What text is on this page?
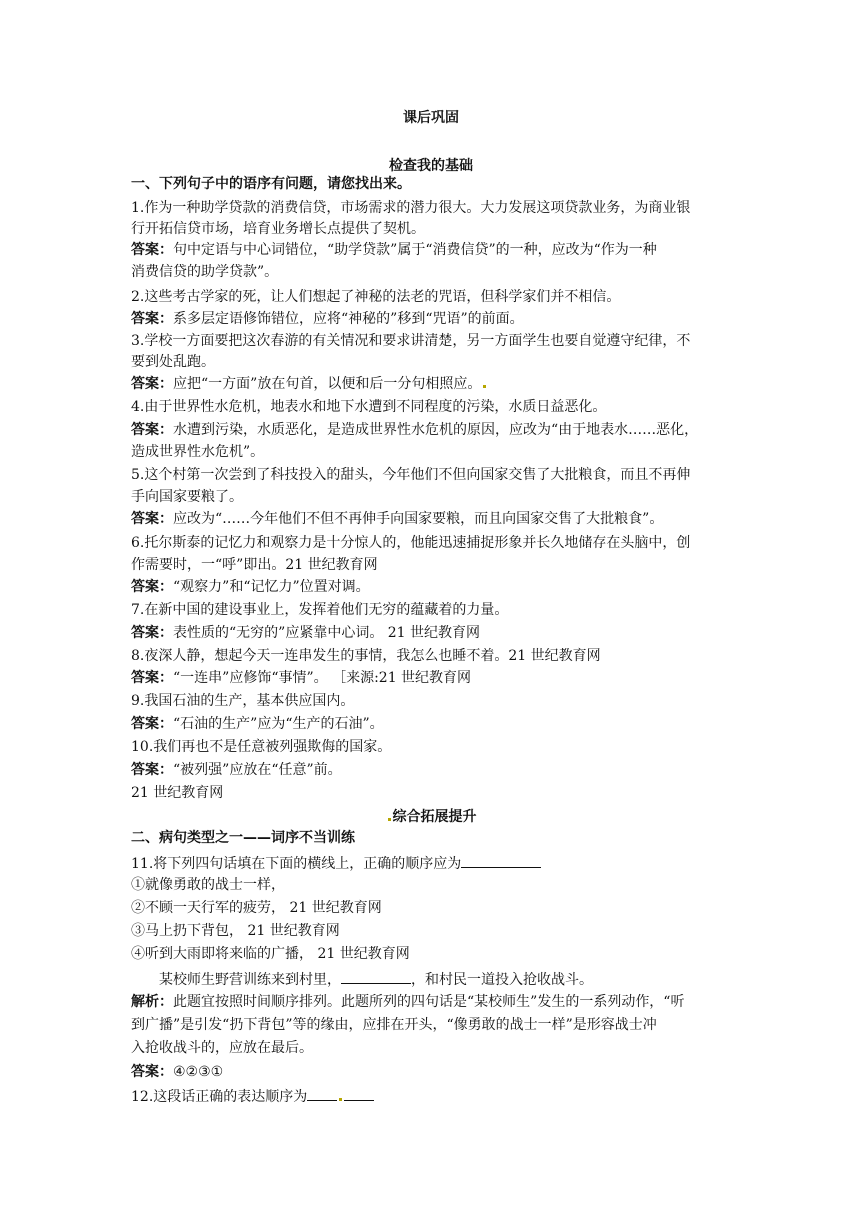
课后巩固
检查我的基础
一、下列句子中的语序有问题，请您找出来。
1.作为一种助学贷款的消费信贷，市场需求的潜力很大。大力发展这项贷款业务，为商业银
行开拓信贷市场，培育业务增长点提供了契机。
答案：句中定语与中心词错位，“助学贷款”属于“消费信贷”的一种，应改为“作为一种
消费信贷的助学贷款”。
2.这些考古学家的死，让人们想起了神秘的法老的咒语，但科学家们并不相信。
答案：系多层定语修饰错位，应将“神秘的”移到“咒语”的前面。
3.学校一方面要把这次春游的有关情况和要求讲清楚，另一方面学生也要自觉遵守纪律，不
要到处乱跑。
答案：应把“一方面”放在句首，以便和后一分句相照应。
4.由于世界性水危机，地表水和地下水遭到不同程度的污染，水质日益恶化。
答案：水遭到污染，水质恶化，是造成世界性水危机的原因，应改为“由于地表水……恶化，
造成世界性水危机”。
5.这个村第一次尝到了科技投入的甜头，今年他们不但向国家交售了大批粮食，而且不再伸
手向国家要粮了。
答案：应改为“……今年他们不但不再伸手向国家要粮，而且向国家交售了大批粮食”。
6.托尔斯泰的记忆力和观察力是十分惊人的，他能迅速捕捉形象并长久地储存在头脑中，创
作需要时，一“呼”即出。21 世纪教育网
答案：“观察力”和“记忆力”位置对调。
7.在新中国的建设事业上，发挥着他们无穷的蕴藏着的力量。
答案：表性质的“无穷的”应紧靠中心词。 21 世纪教育网
8.夜深人静，想起今天一连串发生的事情，我怎么也睡不着。21 世纪教育网
答案：“一连串”应修饰“事情”。 ［来源:21 世纪教育网
9.我国石油的生产，基本供应国内。
答案：“石油的生产”应为“生产的石油”。
10.我们再也不是任意被列强欺侮的国家。
答案：“被列强”应放在“任意”前。
21 世纪教育网
综合拓展提升
二、病句类型之一——词序不当训练
11.将下列四句话填在下面的横线上，正确的顺序应为
①就像勇敢的战士一样，
②不顾一天行军的疲劳， 21 世纪教育网
③马上扔下背包， 21 世纪教育网
④听到大雨即将来临的广播， 21 世纪教育网
某校师生野营训练来到村里，	，和村民一道投入抢收战斗。
解析：此题宜按照时间顺序排列。此题所列的四句话是“某校师生”发生的一系列动作，“听
到广播”是引发“扔下背包”等的缘由，应排在开头，“像勇敢的战士一样”是形容战士冲
入抢收战斗的，应放在最后。
答案：④②③①
12.这段话正确的表达顺序为
